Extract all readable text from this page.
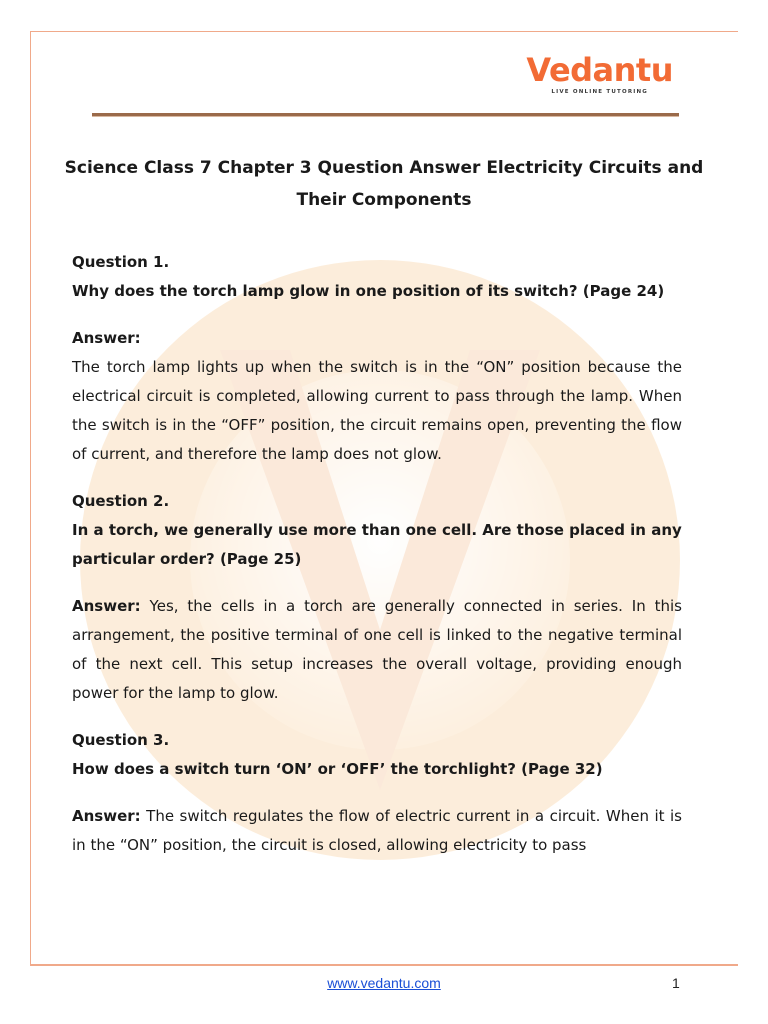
Vedantu
LIVE ONLINE TUTORING
Science Class 7 Chapter 3 Question Answer Electricity Circuits and Their Components
Question 1.
Why does the torch lamp glow in one position of its switch? (Page 24)
Answer:

The torch lamp lights up when the switch is in the “ON” position because the electrical circuit is completed, allowing current to pass through the lamp. When the switch is in the “OFF” position, the circuit remains open, preventing the flow of current, and therefore the lamp does not glow.

Question 2.
In a torch, we generally use more than one cell. Are those placed in any particular order? (Page 25)

Answer: Yes, the cells in a torch are generally connected in series. In this arrangement, the positive terminal of one cell is linked to the negative terminal of the next cell. This setup increases the overall voltage, providing enough power for the lamp to glow.

Question 3.
How does a switch turn ‘ON’ or ‘OFF’ the torchlight? (Page 32)

Answer: The switch regulates the flow of electric current in a circuit. When it is in the “ON” position, the circuit is closed, allowing electricity to pass

www.vedantu.com	1
